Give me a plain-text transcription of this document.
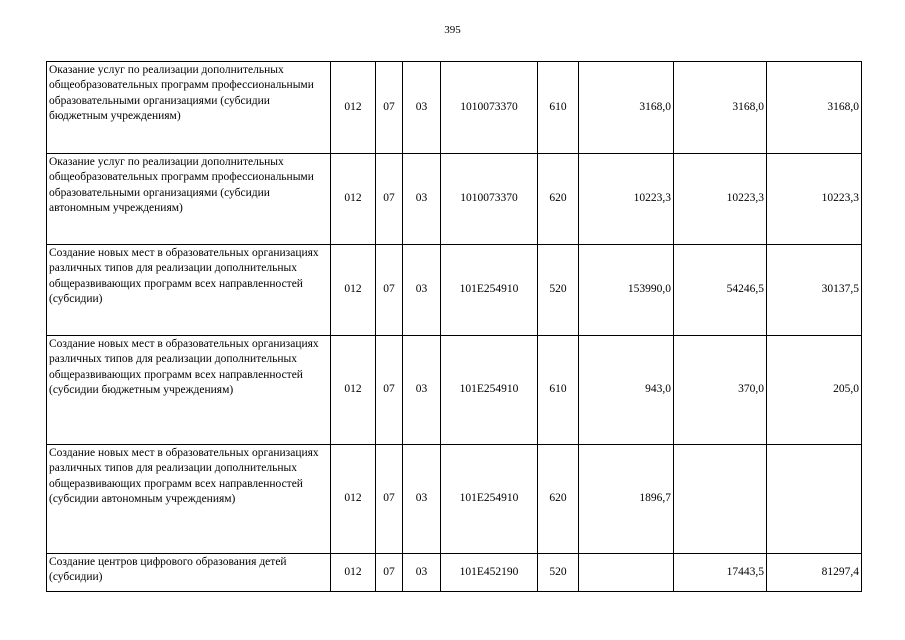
395
Оказание услуг по реализации дополнительных общеобразовательных программ профессиональными образовательными организациями (субсидии бюджетным учреждениям)	012	07	03	1010073370	610	3168,0	3168,0	3168,0
Оказание услуг по реализации дополнительных общеобразовательных программ профессиональными образовательными организациями (субсидии автономным учреждениям)	012	07	03	1010073370	620	10223,3	10223,3	10223,3
Создание новых мест в образовательных организациях различных типов для реализации дополнительных общеразвивающих программ всех направленностей (субсидии)	012	07	03	101E254910	520	153990,0	54246,5	30137,5
Создание новых мест в образовательных организациях различных типов для реализации дополнительных общеразвивающих программ всех направленностей (субсидии бюджетным учреждениям)	012	07	03	101E254910	610	943,0	370,0	205,0
Создание новых мест в образовательных организациях различных типов для реализации дополнительных общеразвивающих программ всех направленностей (субсидии автономным учреждениям)	012	07	03	101E254910	620	1896,7		
Создание центров цифрового образования детей (субсидии)	012	07	03	101E452190	520		17443,5	81297,4
